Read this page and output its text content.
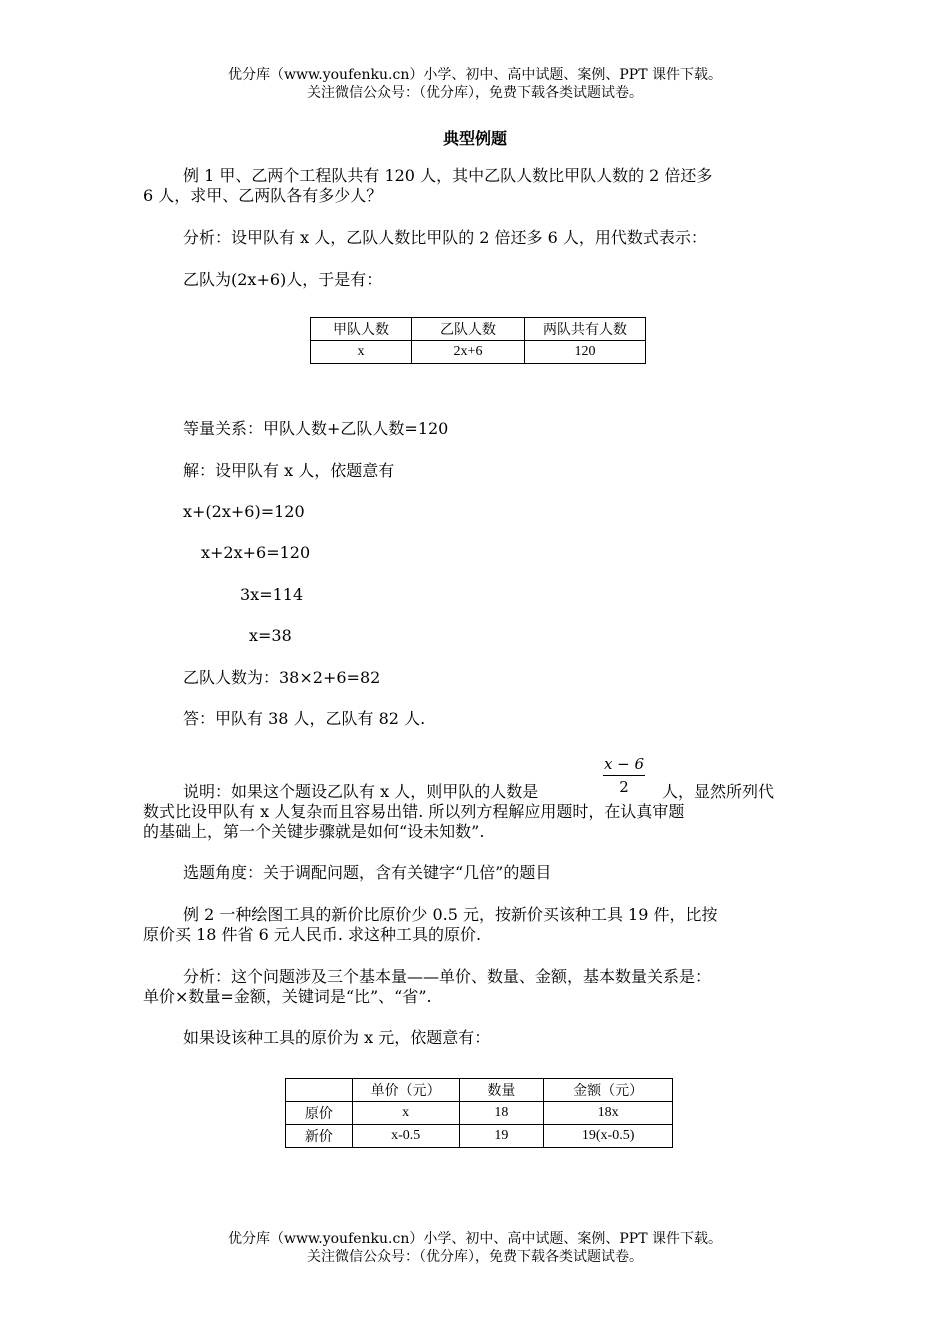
优分库（www.youfenku.cn）小学、初中、高中试题、案例、PPT 课件下载。
关注微信公众号：（优分库），免费下载各类试题试卷。
典型例题
例 1 甲、乙两个工程队共有 120 人，其中乙队人数比甲队人数的 2 倍还多
6 人，求甲、乙两队各有多少人？
分析：设甲队有 x 人，乙队人数比甲队的 2 倍还多 6 人，用代数式表示：
乙队为(2x+6)人，于是有：
甲队人数	乙队人数	两队共有人数
x	2x+6	120
等量关系：甲队人数+乙队人数=120
解：设甲队有 x 人，依题意有
x+(2x+6)=120
x+2x+6=120
3x=114
x=38
乙队人数为：38×2+6=82
答：甲队有 38 人，乙队有 82 人.
说明：如果这个题设乙队有 x 人，则甲队的人数是
x − 6
2	人，显然所列代
数式比设甲队有 x 人复杂而且容易出错. 所以列方程解应用题时，在认真审题
的基础上，第一个关键步骤就是如何“设未知数”.
选题角度：关于调配问题，含有关键字“几倍”的题目
例 2 一种绘图工具的新价比原价少 0.5 元，按新价买该种工具 19 件，比按
原价买 18 件省 6 元人民币. 求这种工具的原价.
分析：这个问题涉及三个基本量——单价、数量、金额，基本数量关系是：
单价×数量=金额，关键词是“比”、“省”.
如果设该种工具的原价为 x 元，依题意有：
	单价（元）	数量	金额（元）
原价	x	18	18x
新价	x-0.5	19	19(x-0.5)
优分库（www.youfenku.cn）小学、初中、高中试题、案例、PPT 课件下载。
关注微信公众号：（优分库），免费下载各类试题试卷。
